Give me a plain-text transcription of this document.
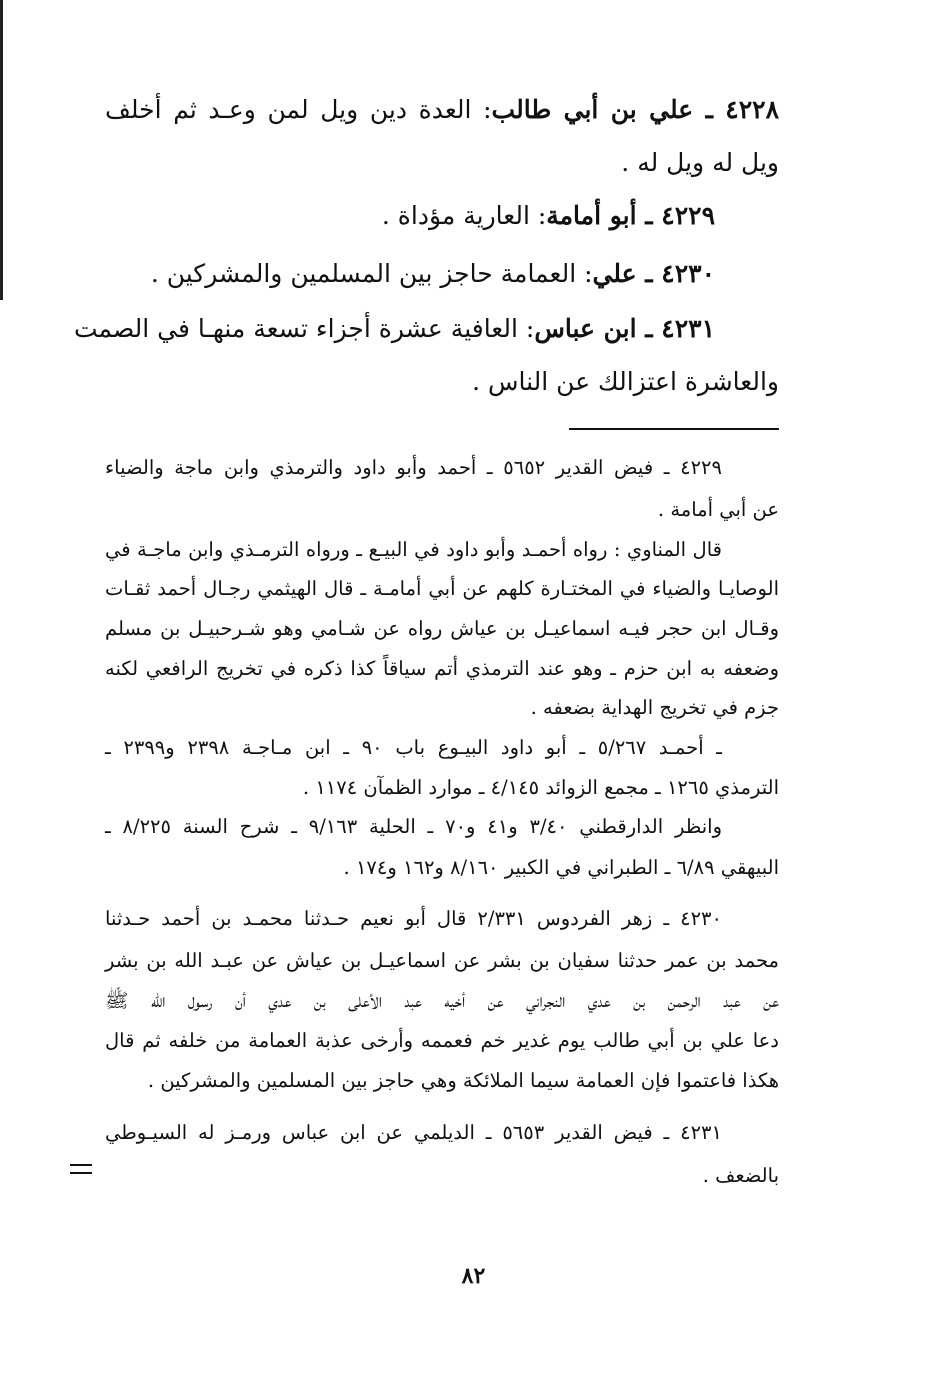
٤٢٢٨ ـ علي بن أبي طالب: العدة دين ويل لمن وعـد ثم أخلف
ويل له ويل له .
٤٢٢٩ ـ أبو أمامة: العارية مؤداة .
٤٢٣٠ ـ علي: العمامة حاجز بين المسلمين والمشركين .
٤٢٣١ ـ ابن عباس: العافية عشرة أجزاء تسعة منهـا في الصمت
والعاشرة اعتزالك عن الناس .
٤٢٢٩ ـ فيض القدير ٥٦٥٢ ـ أحمد وأبو داود والترمذي وابن ماجة والضياء
عن أبي أمامة .
قال المناوي : رواه أحمـد وأبو داود في البيـع ـ ورواه الترمـذي وابن ماجـة في
الوصايـا والضياء في المختـارة كلهم عن أبي أمامـة ـ قال الهيثمي رجـال أحمد ثقـات
وقـال ابن حجر فيـه اسماعيـل بن عياش رواه عن شـامي وهو شـرحبيـل بن مسلم
وضعفه به ابن حزم ـ وهو عند الترمذي أتم سياقاً كذا ذكره في تخريج الرافعي لكنه
جزم في تخريج الهداية بضعفه .
ـ أحمـد ٥/٢٦٧ ـ أبو داود البيـوع باب ٩٠ ـ ابن مـاجـة ٢٣٩٨ و٢٣٩٩ ـ
الترمذي ١٢٦٥ ـ مجمع الزوائد ٤/١٤٥ ـ موارد الظمآن ١١٧٤ .
وانظر الدارقطني ٣/٤٠ و٤١ و٧٠ ـ الحلية ٩/١٦٣ ـ شرح السنة ٨/٢٢٥ ـ
البيهقي ٦/٨٩ ـ الطبراني في الكبير ٨/١٦٠ و١٦٢ و١٧٤ .
٤٢٣٠ ـ زهر الفردوس ٢/٣٣١ قال أبو نعيم حـدثنا محمـد بن أحمد حـدثنا
محمد بن عمر حدثنا سفيان بن بشر عن اسماعيـل بن عياش عن عبـد الله بن بشر
عن عبد الرحمن بن عدي النجراني عن أخيه عبد الأعلى بن عدي أن رسول الله ﷺ
دعا علي بن أبي طالب يوم غدير خم فعممه وأرخى عذبة العمامة من خلفه ثم قال
هكذا فاعتموا فإن العمامة سيما الملائكة وهي حاجز بين المسلمين والمشركين .
٤٢٣١ ـ فيض القدير ٥٦٥٣ ـ الديلمي عن ابن عباس ورمـز له السيـوطي
بالضعف .
٨٢
